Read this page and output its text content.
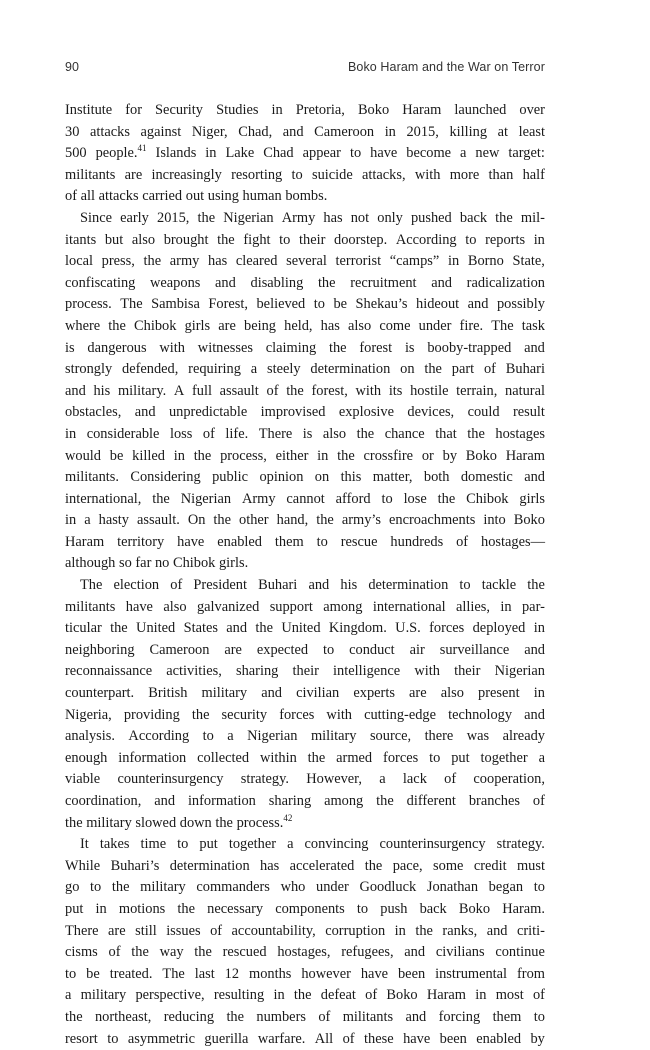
90	Boko Haram and the War on Terror
Institute for Security Studies in Pretoria, Boko Haram launched over
30 attacks against Niger, Chad, and Cameroon in 2015, killing at least
500 people.$^{41}$ Islands in Lake Chad appear to have become a new target:
militants are increasingly resorting to suicide attacks, with more than half
of
all
attacks
carried
out
using
human
bombs.
Since early 2015, the Nigerian Army has not only pushed back the mil-
itants but also brought the fight to their doorstep. According to reports in
local press, the army has cleared several terrorist “camps” in Borno State,
confiscating weapons and disabling the recruitment and radicalization
process. The Sambisa Forest, believed to be Shekau’s hideout and possibly
where the Chibok girls are being held, has also come under fire. The task
is dangerous with witnesses claiming the forest is booby-trapped and
strongly defended, requiring a steely determination on the part of Buhari
and his military. A full assault of the forest, with its hostile terrain, natural
obstacles, and unpredictable improvised explosive devices, could result
in considerable loss of life. There is also the chance that the hostages
would be killed in the process, either in the crossfire or by Boko Haram
militants. Considering public opinion on this matter, both domestic and
international, the Nigerian Army cannot afford to lose the Chibok girls
in a hasty assault. On the other hand, the army’s encroachments into Boko
Haram territory have enabled them to rescue hundreds of hostages—
although
so
far
no
Chibok
girls.
The election of President Buhari and his determination to tackle the
militants have also galvanized support among international allies, in par-
ticular the United States and the United Kingdom. U.S. forces deployed in
neighboring Cameroon are expected to conduct air surveillance and
reconnaissance activities, sharing their intelligence with their Nigerian
counterpart. British military and civilian experts are also present in
Nigeria, providing the security forces with cutting-edge technology and
analysis. According to a Nigerian military source, there was already
enough information collected within the armed forces to put together a
viable counterinsurgency strategy. However, a lack of cooperation,
coordination, and information sharing among the different branches of
the
military
slowed
down
the
process.$^{42}$
It takes time to put together a convincing counterinsurgency strategy.
While Buhari’s determination has accelerated the pace, some credit must
go to the military commanders who under Goodluck Jonathan began to
put in motions the necessary components to push back Boko Haram.
There are still issues of accountability, corruption in the ranks, and criti-
cisms of the way the rescued hostages, refugees, and civilians continue
to be treated. The last 12 months however have been instrumental from
a military perspective, resulting in the defeat of Boko Haram in most of
the northeast, reducing the numbers of militants and forcing them to
resort to asymmetric guerilla warfare. All of these have been enabled by
